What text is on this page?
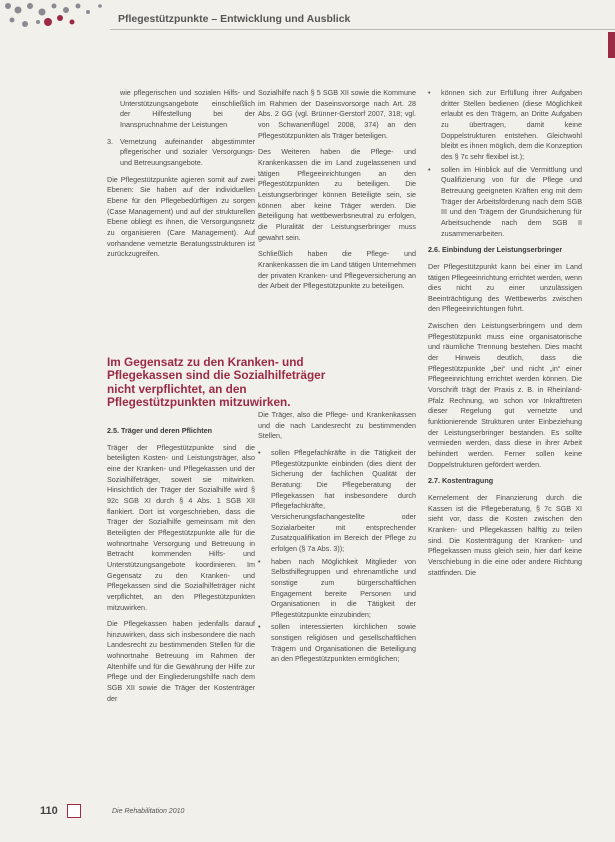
Pflegestützpunkte – Entwicklung und Ausblick

wie pflegerischen und sozialen Hilfs- und Unterstützungsangebote einschließlich der Hilfestellung bei der Inanspruchnahme der Leistungen

3. Vernetzung aufeinander abgestimmter pflegerischer und sozialer Versorgungs- und Betreuungsangebote.

Die Pflegestützpunkte agieren somit auf zwei Ebenen: Sie haben auf der individuellen Ebene für den Pflegebedürftigen zu sorgen (Case Management) und auf der strukturellen Ebene obliegt es ihnen, die Versorgungsnetz zu organisieren (Care Management). Auf vorhandene vernetzte Beratungsstrukturen ist zurückzugreifen.

Im Gegensatz zu den Kranken- und Pflegekassen sind die Sozialhilfeträger nicht verpflichtet, an den Pflegestützpunkten mitzuwirken.

2.5. Träger und deren Pflichten

Träger der Pflegestützpunkte sind die beteiligten Kosten- und Leistungsträger, also eine der Kranken- und Pflegekassen und der Sozialhilfeträger, soweit sie mitwirken. Hinsichtlich der Träger der Sozialhilfe wird § 92c SGB XI durch § 4 Abs. 1 SGB XII flankiert. Dort ist vorgeschrieben, dass die Träger der Sozialhilfe gemeinsam mit den Beteiligten der Pflegestützpunkte alle für die wohnortnahe Versorgung und Betreuung in Betracht kommenden Hilfs- und Unterstützungsangebote koordinieren. Im Gegensatz zu den Kranken- und Pflegekassen sind die Sozialhilfeträger nicht verpflichtet, an den Pflegestützpunkten mitzuwirken.

Die Pflegekassen haben jedenfalls darauf hinzuwirken, dass sich insbesondere die nach Landesrecht zu bestimmenden Stellen für die wohnortnahe Betreuung im Rahmen der Altenhilfe und für die Gewährung der Hilfe zur Pflege und der Eingliederungshilfe nach dem SGB XII sowie die Träger der Kostenträger der

Sozialhilfe nach § 5 SGB XII sowie die Kommune im Rahmen der Daseinsvorsorge nach Art. 28 Abs. 2 GG (vgl. Brünner-Gerstorf 2007, 318; vgl. von Schwanenflügel 2008, 374) an den Pflegestützpunkten als Träger beteiligen.

Des Weiteren haben die Pflege- und Krankenkassen die im Land zugelassenen und tätigen Pflegeeinrichtungen an den Pflegestützpunkten zu beteiligen. Die Leistungserbringer können Beteiligte sein, sie können aber keine Träger werden. Die Beteiligung hat wettbewerbsneutral zu erfolgen, die Pluralität der Leistungserbringer muss gewahrt sein.

Schließlich haben die Pflege- und Krankenkassen die im Land tätigen Unternehmen der privaten Kranken- und Pflegeversicherung an der Arbeit der Pflegestützpunkte zu beteiligen.

Die Träger, also die Pflege- und Krankenkassen und die nach Landesrecht zu bestimmenden Stellen,

• sollen Pflegefachkräfte in die Tätigkeit der Pflegestützpunkte einbinden (dies dient der Sicherung der fachlichen Qualität der Beratung: Die Pflegeberatung der Pflegekassen hat insbesondere durch Pflegefachkräfte, Versicherungsfachangestellte oder Sozialarbeiter mit entsprechender Zusatzqualifikation im Bereich der Pflege zu erfolgen (§ 7a Abs. 3));
• haben nach Möglichkeit Mitglieder von Selbsthilfegruppen und ehrenamtliche und sonstige zum bürgerschaftlichen Engagement bereite Personen und Organisationen in die Tätigkeit der Pflegestützpunkte einzubinden;
• sollen interessierten kirchlichen sowie sonstigen religiösen und gesellschaftlichen Trägern und Organisationen die Beteiligung an den Pflegestützpunkten ermöglichen;
• können sich zur Erfüllung ihrer Aufgaben dritter Stellen bedienen (diese Möglichkeit erlaubt es den Trägern, an Dritte Aufgaben zu übertragen, damit keine Doppelstrukturen entstehen. Gleichwohl bleibt es ihnen möglich, dem die Konzeption des § 7c sehr flexibel ist.);
• sollen im Hinblick auf die Vermittlung und Qualifizierung von für die Pflege und Betreuung geeigneten Kräften eng mit dem Träger der Arbeitsförderung nach dem SGB III und den Trägern der Grundsicherung für Arbeitsuchende nach dem SGB II zusammenarbeiten.

2.6. Einbindung der Leistungserbringer

Der Pflegestützpunkt kann bei einer im Land tätigen Pflegeeinrichtung errichtet werden, wenn dies nicht zu einer unzulässigen Beeinträchtigung des Wettbewerbs zwischen den Pflegeeinrichtungen führt.

Zwischen den Leistungserbringern und dem Pflegestützpunkt muss eine organisatorische und räumliche Trennung bestehen. Dies macht der Hinweis deutlich, dass die Pflegestützpunkte „bei“ und nicht „in“ einer Pflegeeinrichtung errichtet werden können. Die Vorschrift trägt der Praxis z. B. in Rheinland-Pfalz Rechnung, wo schon vor Inkrafttreten dieser Regelung gut vernetzte und funktionierende Strukturen unter Einbeziehung der Leistungserbringer bestanden. Es sollte vermieden werden, dass diese in ihrer Arbeit behindert werden. Ferner sollen keine Doppelstrukturen gefördert werden.

2.7. Kostentragung

Kernelement der Finanzierung durch die Kassen ist die Pflegeberatung, § 7c SGB XI sieht vor, dass die Kosten zwischen den Kranken- und Pflegekassen hälftig zu teilen sind. Die Kostenträgung der Kranken- und Pflegekassen muss gleich sein, hier darf keine Verschiebung in die eine oder andere Richtung stattfinden. Die

110	Die Rehabilitation 2010
